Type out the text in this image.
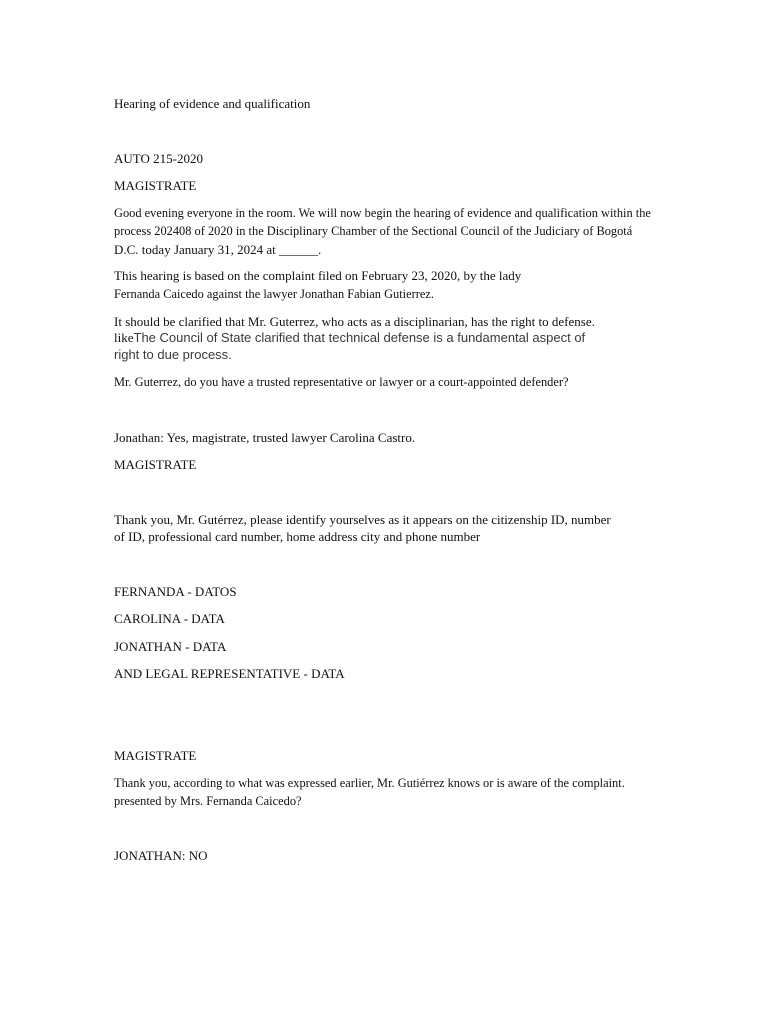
Hearing of evidence and qualification
AUTO 215-2020
MAGISTRATE
Good evening everyone in the room. We will now begin the hearing of evidence and qualification within the
process 202408 of 2020 in the Disciplinary Chamber of the Sectional Council of the Judiciary of Bogotá
D.C. today January 31, 2024 at ______.
This hearing is based on the complaint filed on February 23, 2020, by the lady
Fernanda Caicedo against the lawyer Jonathan Fabian Gutierrez.
It should be clarified that Mr. Guterrez, who acts as a disciplinarian, has the right to defense.
likeThe Council of State clarified that technical defense is a fundamental aspect of
right to due process.
Mr. Guterrez, do you have a trusted representative or lawyer or a court-appointed defender?
Jonathan: Yes, magistrate, trusted lawyer Carolina Castro.
MAGISTRATE
Thank you, Mr. Gutérrez, please identify yourselves as it appears on the citizenship ID, number
of ID, professional card number, home address city and phone number
FERNANDA - DATOS
CAROLINA - DATA
JONATHAN - DATA
AND LEGAL REPRESENTATIVE - DATA
MAGISTRATE
Thank you, according to what was expressed earlier, Mr. Gutiérrez knows or is aware of the complaint.
presented by Mrs. Fernanda Caicedo?
JONATHAN: NO
